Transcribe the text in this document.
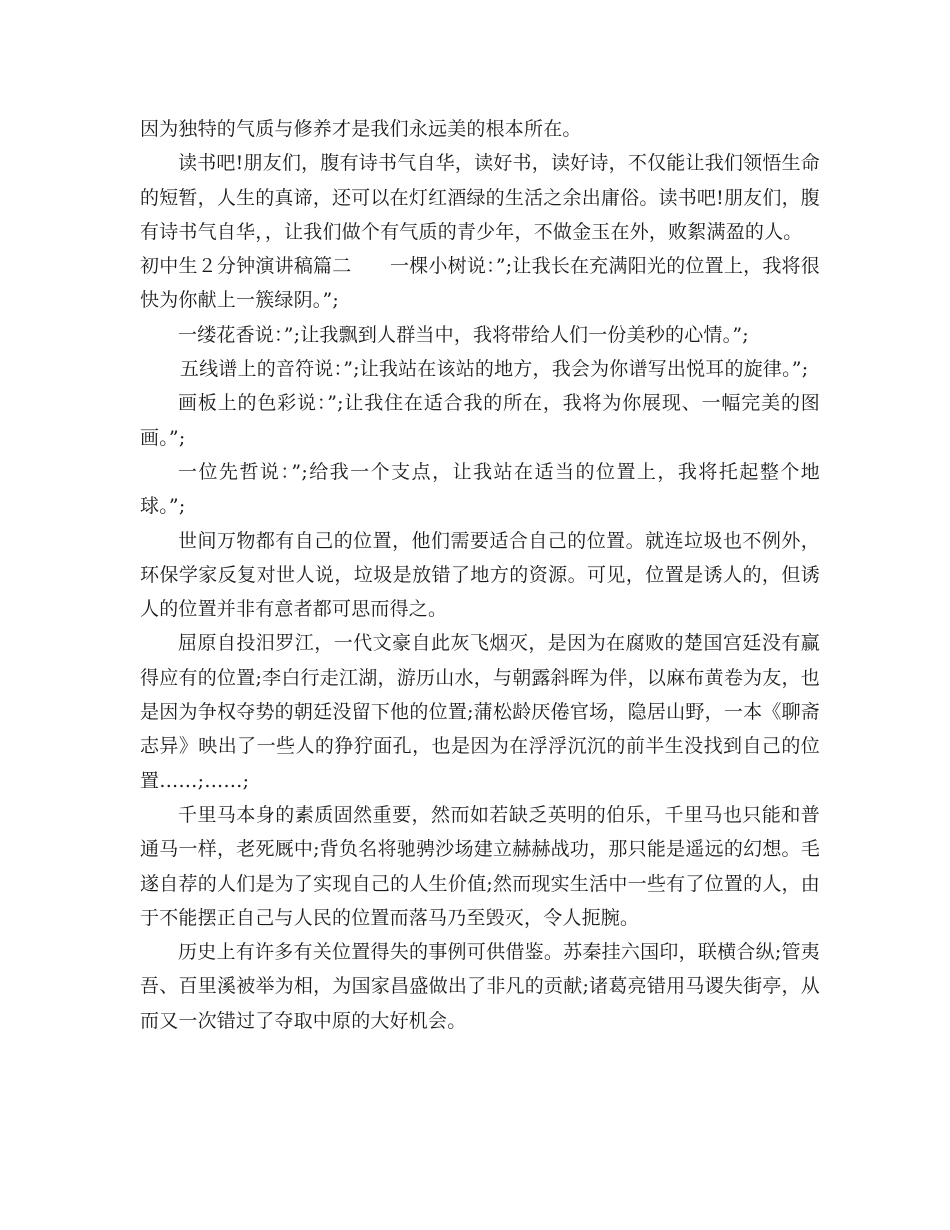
因为独特的气质与修养才是我们永远美的根本所在。

读书吧!朋友们，腹有诗书气自华，读好书，读好诗，不仅能让我们领悟生命的短暂，人生的真谛，还可以在灯红酒绿的生活之余出庸俗。读书吧!朋友们，腹有诗书气自华，，让我们做个有气质的青少年，不做金玉在外，败絮满盈的人。

初中生２分钟演讲稿篇二　　一棵小树说：”;让我长在充满阳光的位置上，我将很快为你献上一簇绿阴。”;

一缕花香说：”;让我飘到人群当中，我将带给人们一份美秒的心情。”;

五线谱上的音符说：”;让我站在该站的地方，我会为你谱写出悦耳的旋律。”;

画板上的色彩说：”;让我住在适合我的所在，我将为你展现、一幅完美的图画。”;

一位先哲说：”;给我一个支点，让我站在适当的位置上，我将托起整个地球。”;

世间万物都有自己的位置，他们需要适合自己的位置。就连垃圾也不例外，环保学家反复对世人说，垃圾是放错了地方的资源。可见，位置是诱人的，但诱人的位置并非有意者都可思而得之。

屈原自投汨罗江，一代文豪自此灰飞烟灭，是因为在腐败的楚国宫廷没有赢得应有的位置;李白行走江湖，游历山水，与朝露斜晖为伴，以麻布黄卷为友，也是因为争权夺势的朝廷没留下他的位置;蒲松龄厌倦官场，隐居山野，一本《聊斋志异》映出了一些人的狰狞面孔，也是因为在浮浮沉沉的前半生没找到自己的位置……;……;

千里马本身的素质固然重要，然而如若缺乏英明的伯乐，千里马也只能和普通马一样，老死厩中;背负名将驰骋沙场建立赫赫战功，那只能是遥远的幻想。毛遂自荐的人们是为了实现自己的人生价值;然而现实生活中一些有了位置的人，由于不能摆正自己与人民的位置而落马乃至毁灭，令人扼腕。

历史上有许多有关位置得失的事例可供借鉴。苏秦挂六国印，联横合纵;管夷吾、百里溪被举为相，为国家昌盛做出了非凡的贡献;诸葛亮错用马谡失街亭，从而又一次错过了夺取中原的大好机会。
